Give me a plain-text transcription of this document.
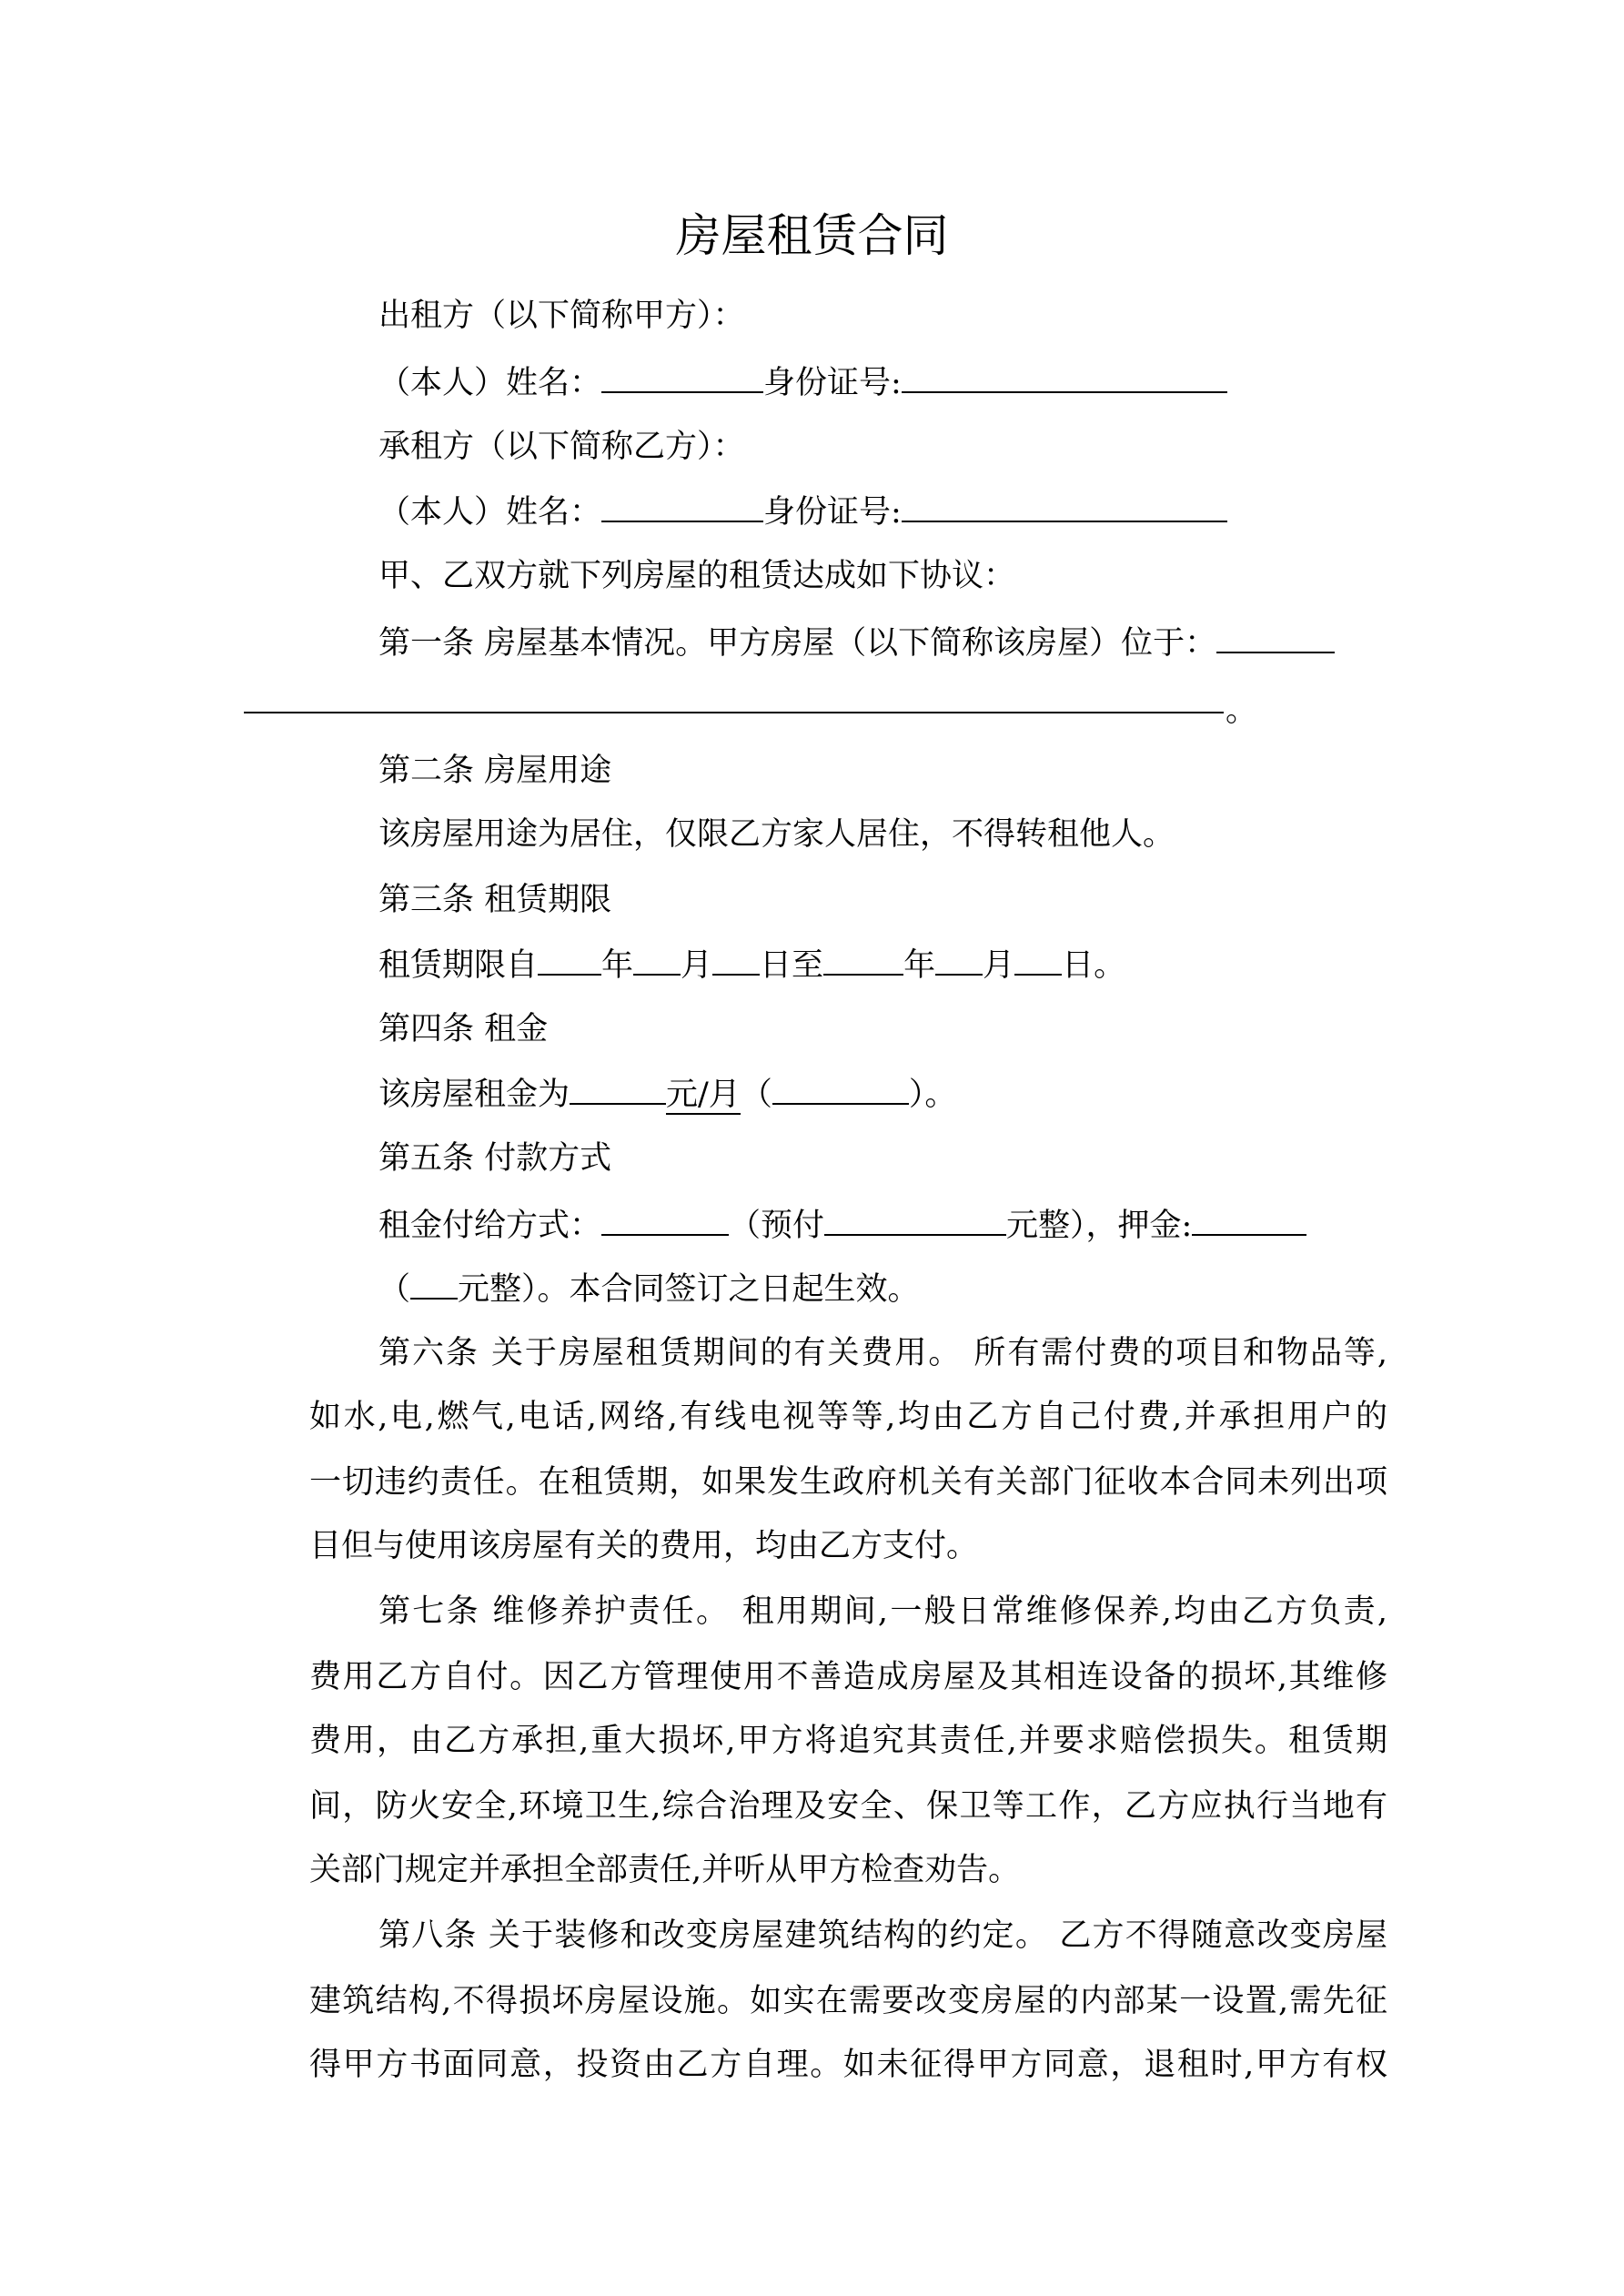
房屋租赁合同
出租方（以下简称甲方）：
（本人）姓名：	身份证号:
承租方（以下简称乙方）：
（本人）姓名：	身份证号:
甲、乙双方就下列房屋的租赁达成如下协议：
第一条 房屋基本情况。甲方房屋（以下简称该房屋）位于：
。
第二条 房屋用途
该房屋用途为居住，仅限乙方家人居住，不得转租他人。
第三条 租赁期限
租赁期限自 年 月 日至	年 月 日。
第四条 租金
该房屋租金为	元/月（	）。
第五条 付款方式
租金付给方式：	（预付	元整），押金:
（ 元整）。本合同签订之日起生效。
第六条 关于房屋租赁期间的有关费用。 所有需付费的项目和物品等,
如水,电,燃气,电话,网络,有线电视等等,均由乙方自己付费,并承担用户的
一切违约责任。在租赁期，如果发生政府机关有关部门征收本合同未列出项
目但与使用该房屋有关的费用，均由乙方支付。
第七条 维修养护责任。 租用期间,一般日常维修保养,均由乙方负责,
费用乙方自付。因乙方管理使用不善造成房屋及其相连设备的损坏,其维修
费用，由乙方承担,重大损坏,甲方将追究其责任,并要求赔偿损失。租赁期
间，防火安全,环境卫生,综合治理及安全、保卫等工作，乙方应执行当地有
关部门规定并承担全部责任,并听从甲方检查劝告。
第八条 关于装修和改变房屋建筑结构的约定。 乙方不得随意改变房屋
建筑结构,不得损坏房屋设施。如实在需要改变房屋的内部某一设置,需先征
得甲方书面同意，投资由乙方自理。如未征得甲方同意，退租时,甲方有权
